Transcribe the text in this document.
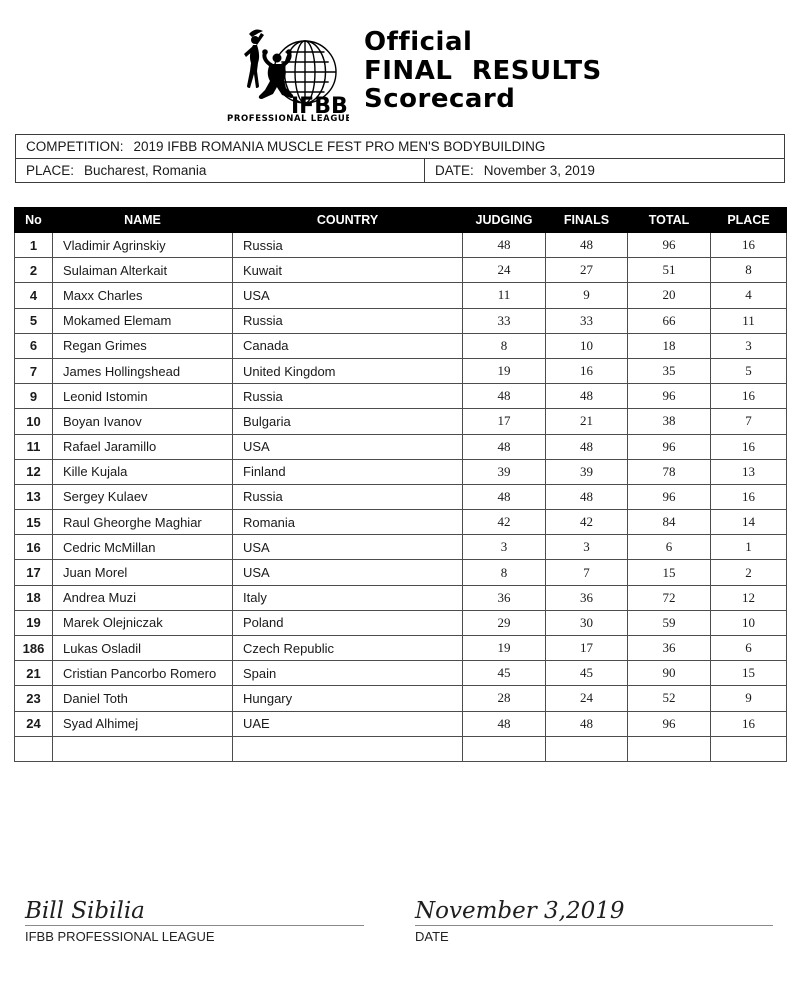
IFBB
PROFESSIONAL LEAGUE
Official
FINAL RESULTS
Scorecard
COMPETITION: 2019 IFBB ROMANIA MUSCLE FEST PRO MEN'S BODYBUILDING
PLACE: Bucharest, Romania	DATE: November 3, 2019
No	NAME	COUNTRY	JUDGING	FINALS	TOTAL	PLACE
1	Vladimir Agrinskiy	Russia	48	48	96	16
2	Sulaiman Alterkait	Kuwait	24	27	51	8
4	Maxx Charles	USA	11	9	20	4
5	Mokamed Elemam	Russia	33	33	66	11
6	Regan Grimes	Canada	8	10	18	3
7	James Hollingshead	United Kingdom	19	16	35	5
9	Leonid Istomin	Russia	48	48	96	16
10	Boyan Ivanov	Bulgaria	17	21	38	7
11	Rafael Jaramillo	USA	48	48	96	16
12	Kille Kujala	Finland	39	39	78	13
13	Sergey Kulaev	Russia	48	48	96	16
15	Raul Gheorghe Maghiar	Romania	42	42	84	14
16	Cedric McMillan	USA	3	3	6	1
17	Juan Morel	USA	8	7	15	2
18	Andrea Muzi	Italy	36	36	72	12
19	Marek Olejniczak	Poland	29	30	59	10
186	Lukas Osladil	Czech Republic	19	17	36	6
21	Cristian Pancorbo Romero	Spain	45	45	90	15
23	Daniel Toth	Hungary	28	24	52	9
24	Syad Alhimej	UAE	48	48	96	16

Bill Sibilia
IFBB PROFESSIONAL LEAGUE
November 3,2019
DATE
